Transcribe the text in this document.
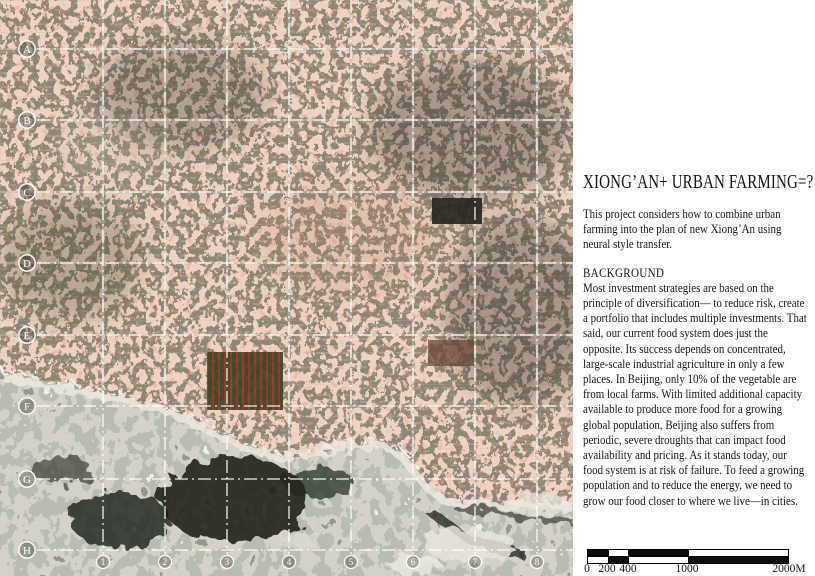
A
B
C
D
E
F
G
H
1	2	3	4	5	6	7	8
XIONG’AN+ URBAN FARMING=?

This project considers how to combine urban farming into the plan of new Xiong’An using neural style transfer.

BACKGROUND

Most investment strategies are based on the principle of diversification— to reduce risk, create a portfolio that includes multiple investments. That said, our current food system does just the opposite. Its success depends on concentrated, large-scale industrial agriculture in only a few places. In Beijing, only 10% of the vegetable are from local farms. With limited additional capacity available to produce more food for a growing global population, Beijing also suffers from periodic, severe droughts that can impact food availability and pricing. As it stands today, our food system is at risk of failure. To feed a growing population and to reduce the energy, we need to grow our food closer to where we live—in cities.

0 200 400	1000	2000M
